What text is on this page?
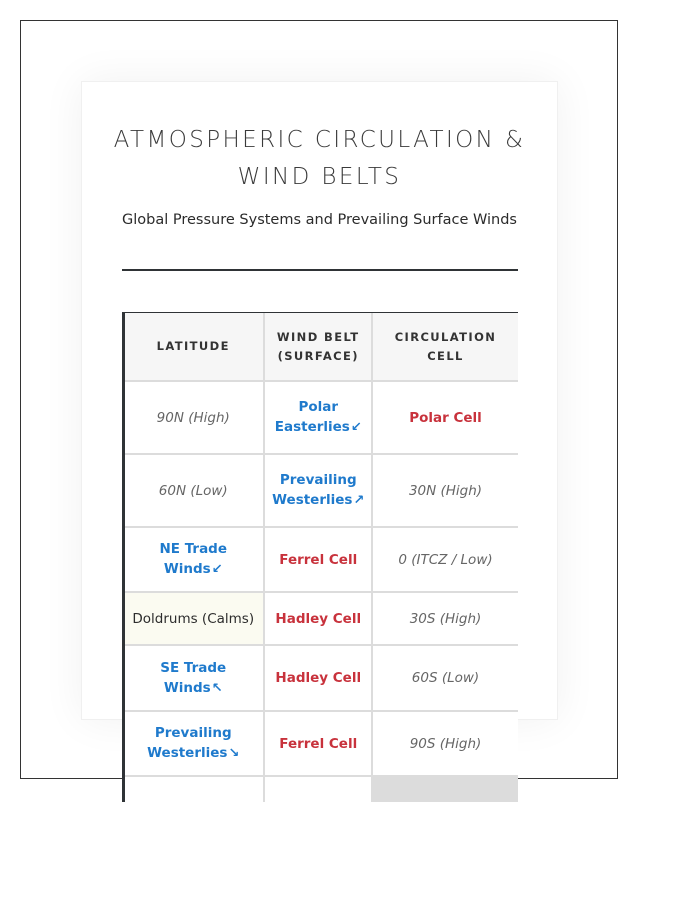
ATMOSPHERIC CIRCULATION & WIND BELTS

Global Pressure Systems and Prevailing Surface Winds

LATITUDE	WIND BELT (SURFACE)	CIRCULATION CELL
90N (High)	Polar Easterlies↙	Polar Cell
60N (Low)	Prevailing Westerlies↗	30N (High)
NE Trade Winds↙	Ferrel Cell	0 (ITCZ / Low)
Doldrums (Calms)	Hadley Cell	30S (High)
SE Trade Winds↖	Hadley Cell	60S (Low)
Prevailing Westerlies↘	Ferrel Cell	90S (High)
